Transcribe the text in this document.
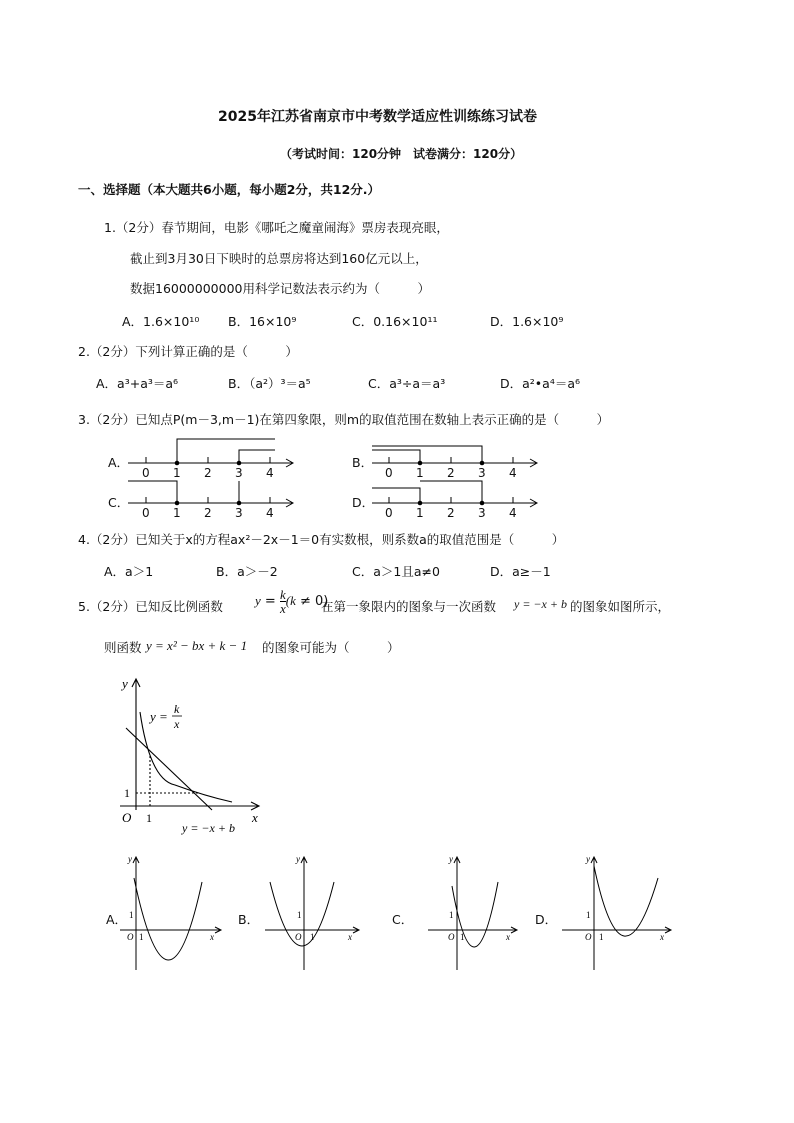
2025年江苏省南京市中考数学适应性训练练习试卷
（考试时间：120分钟　试卷满分：120分）
一、选择题（本大题共6小题，每小题2分，共12分.）
1.（2分）春节期间，电影《哪吒之魔童闹海》票房表现亮眼，
截止到3月30日下映时的总票房将达到160亿元以上，
数据16000000000用科学记数法表示约为（　　　）
A．1.6×10¹⁰ B．16×10⁹	C．0.16×10¹¹	D．1.6×10⁹
2.（2分）下列计算正确的是（　　　）
A．a³+a³＝a⁶	B．（a²）³＝a⁵	C．a³÷a＝a³	D．a²•a⁴＝a⁶
3.（2分）已知点P(m－3,m－1)在第四象限，则m的取值范围在数轴上表示正确的是（　　　）
A．	B．
C．	D．
0 1 2 3 4	0 1 2 3 4
0 1 2 3 4	0 1 2 3 4
4.（2分）已知关于x的方程ax²－2x－1＝0有实数根，则系数a的取值范围是（　　　）
A．a＞1	B．a＞－2	C．a＞1且a≠0	D．a≥－1
5.（2分）已知反比例函数 $y = \frac{k}{x} (k \ne 0)$
在第一象限内的图象与一次函数 y = −x + b 的图象如图所示，
则函数 y = x² − bx + k − 1 的图象可能为（　　　）
y
x
O 1
1
y = k
x
y = −x + b
A．	B．	C．	D．
y
x
O 1
1
y
x
O 1
1
y
x
O 1
1
y
x
O 1
1
